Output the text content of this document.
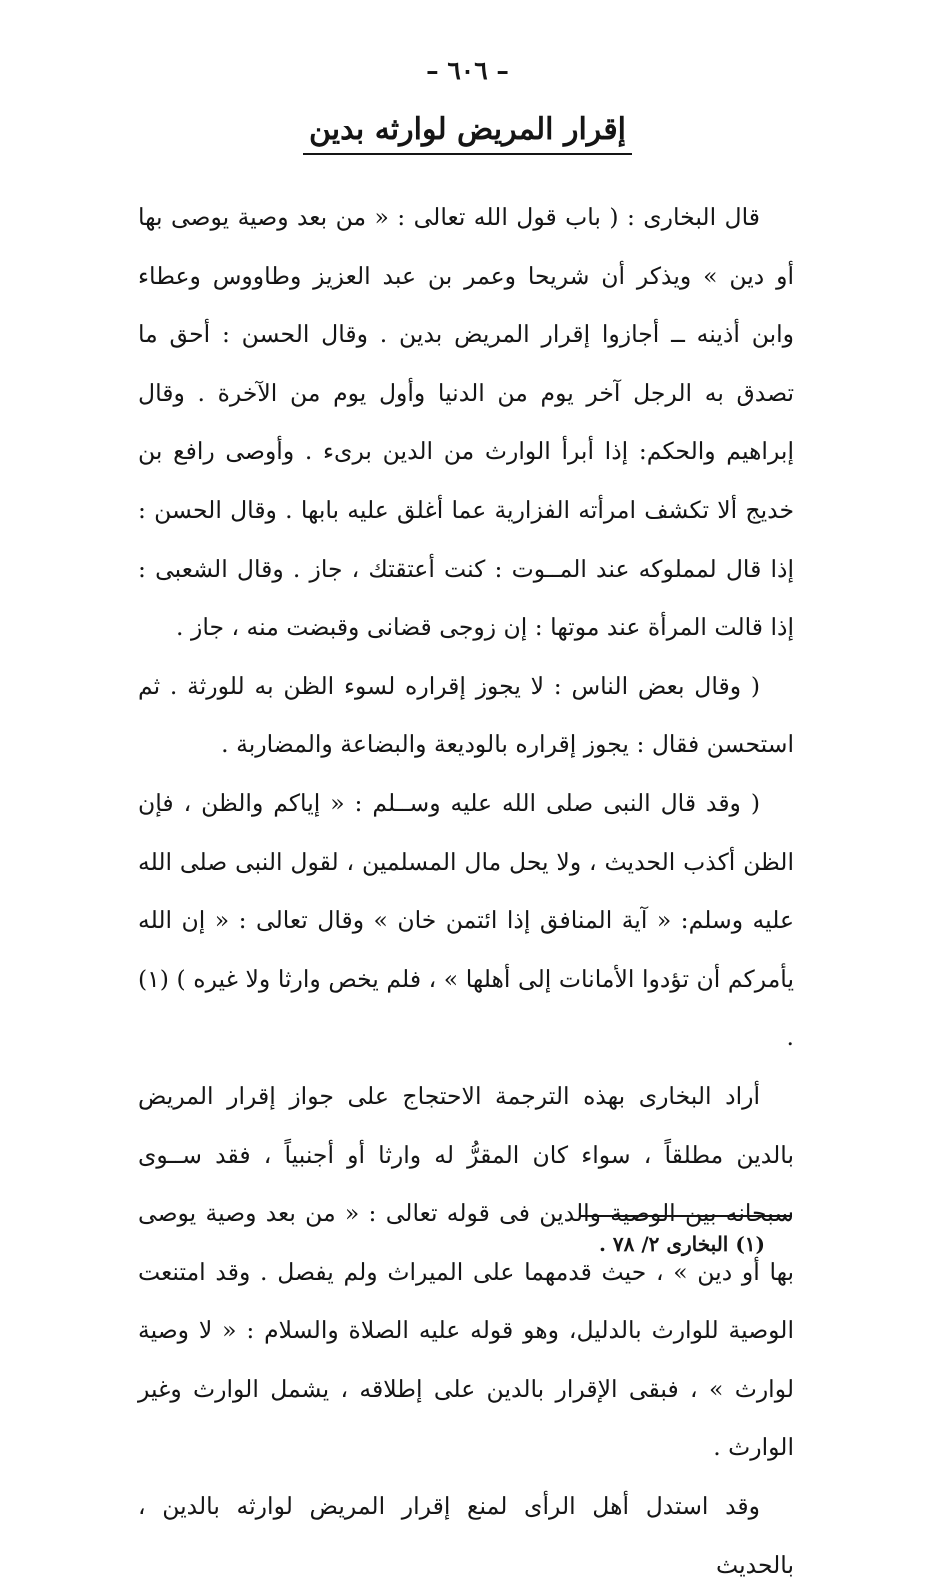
– ٦٠٦ –
إقرار المريض لوارثه بدين

قال البخارى : ( باب قول الله تعالى : « من بعد وصية يوصى بها أو دين » ويذكر أن شريحا وعمر بن عبد العزيز وطاووس وعطاء وابن أذينه ــ أجازوا إقرار المريض بدين . وقال الحسن : أحق ما تصدق به الرجل آخر يوم من الدنيا وأول يوم من الآخرة . وقال إبراهيم والحكم: إذا أبرأ الوارث من الدين برىء . وأوصى رافع بن خديج ألا تكشف امرأته الفزارية عما أغلق عليه بابها . وقال الحسن : إذا قال لمملوكه عند المــوت : كنت أعتقتك ، جاز . وقال الشعبى : إذا قالت المرأة عند موتها : إن زوجى قضانى وقبضت منه ، جاز .

( وقال بعض الناس : لا يجوز إقراره لسوء الظن به للورثة . ثم استحسن فقال : يجوز إقراره بالوديعة والبضاعة والمضاربة .

( وقد قال النبى صلى الله عليه وســلم : « إياكم والظن ، فإن الظن أكذب الحديث ، ولا يحل مال المسلمين ، لقول النبى صلى الله عليه وسلم: « آية المنافق إذا ائتمن خان » وقال تعالى : « إن الله يأمركم أن تؤدوا الأمانات إلى أهلها » ، فلم يخص وارثا ولا غيره ) (١) .

أراد البخارى بهذه الترجمة الاحتجاج على جواز إقرار المريض بالدين مطلقاً ، سواء كان المقرُّ له وارثا أو أجنبياً ، فقد ســوى سبحانه بين الوصية والدين فى قوله تعالى : « من بعد وصية يوصى بها أو دين » ، حيث قدمهما على الميراث ولم يفصل . وقد امتنعت الوصية للوارث بالدليل، وهو قوله عليه الصلاة والسلام : « لا وصية لوارث » ، فبقى الإقرار بالدين على إطلاقه ، يشمل الوارث وغير الوارث .

وقد استدل أهل الرأى لمنع إقرار المريض لوارثه بالدين ، بالحديث

(١) البخارى ٢/ ٧٨ .
